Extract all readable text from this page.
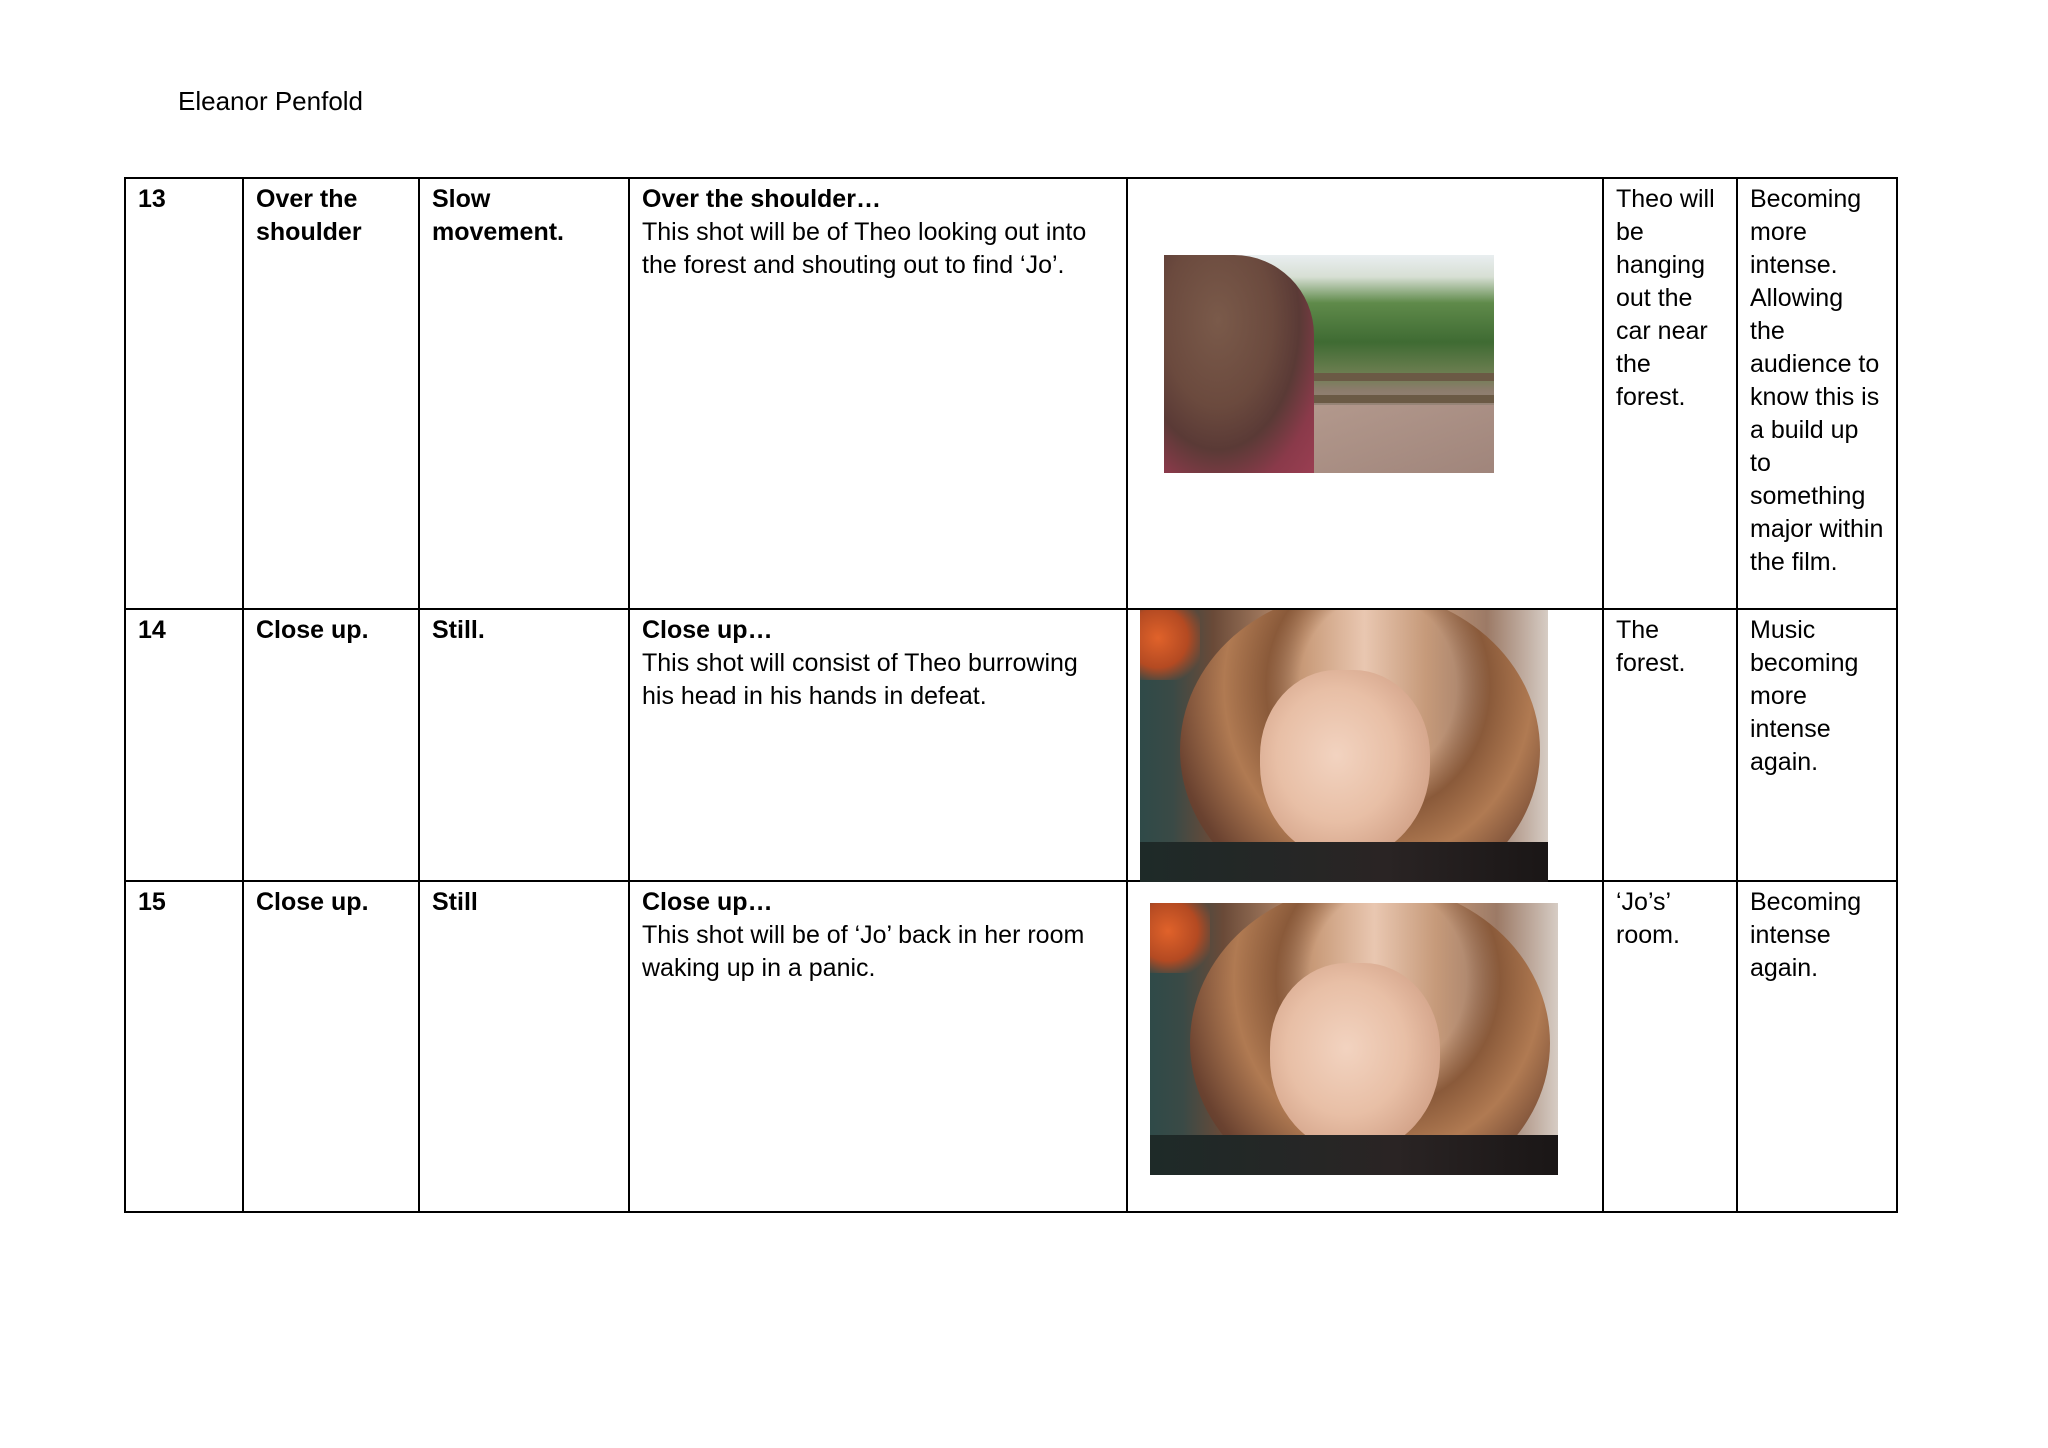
Eleanor Penfold
13	Over the shoulder	Slow movement.	Over the shoulder…
This shot will be of Theo looking out into the forest and shouting out to find ‘Jo’.		Theo will be hanging out the car near the forest.	Becoming more intense. Allowing the audience to know this is a build up to something major within the film.
14	Close up.	Still.	Close up…
This shot will consist of Theo burrowing his head in his hands in defeat.		The forest.	Music becoming more intense again.
15	Close up.	Still	Close up…
This shot will be of ‘Jo’ back in her room waking up in a panic.		‘Jo’s’ room.	Becoming intense again.
